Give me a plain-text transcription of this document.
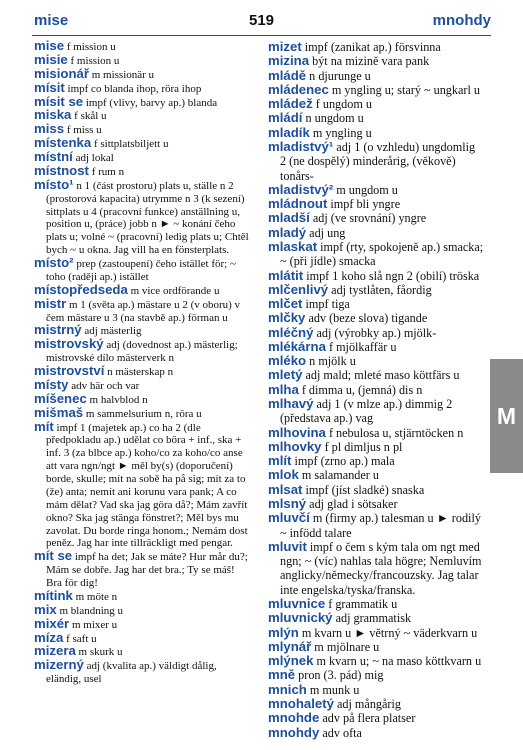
mise	519	mnohdy

mise f mission u

misie f mission u

misionář m missionär u

mísit impf co blanda ihop, röra ihop

mísit se impf (vlivy, barvy ap.) blanda

miska f skål u

miss f miss u

místenka f sittplatsbiljett u

místní adj lokal

místnost f rum n

místo¹ n 1 (část prostoru) plats u, ställe n 2 (prostorová kapacita) utrymme n 3 (k sezení) sittplats u 4 (pracovní funkce) anställning u, position u, (práce) jobb n ► ~ konání čeho plats u; volné ~ (pracovní) ledig plats u; Chtěl bych ~ u okna. Jag vill ha en fönsterplats.

místo² prep (zastoupení) čeho istället för; ~ toho (raději ap.) istället

místopředseda m vice ordförande u

mistr m 1 (světa ap.) mästare u 2 (v oboru) v čem mästare u 3 (na stavbě ap.) förman u

mistrný adj mästerlig

mistrovský adj (dovednost ap.) mästerlig; mistrovské dílo mästerverk n

mistrovství n mästerskap n

místy adv här och var

míšenec m halvblod n

mišmaš m sammelsurium n, röra u

mít impf 1 (majetek ap.) co ha 2 (dle předpokladu ap.) udělat co böra + inf., ska + inf. 3 (za blbce ap.) koho/co za koho/co anse att vara ngn/ngt ► měl by(s) (doporučení) borde, skulle; mít na sobě ha på sig; mít za to (že) anta; nemít ani korunu vara pank; A co mám dělat? Vad ska jag göra då?; Mám zavřít okno? Ska jag stänga fönstret?; Měl bys mu zavolat. Du borde ringa honom.; Nemám dost peněz. Jag har inte tillräckligt med pengar.

mít se impf ha det; Jak se máte? Hur mår du?; Mám se dobře. Jag har det bra.; Ty se máš! Bra för dig!

mítink m möte n

mix m blandning u

mixér m mixer u

míza f saft u

mizera m skurk u

mizerný adj (kvalita ap.) väldigt dålig, eländig, usel

mizet impf (zanikat ap.) försvinna

mizina být na mizině vara pank

mládě n djurunge u

mládenec m yngling u; starý ~ ungkarl u

mládež f ungdom u

mládí n ungdom u

mladík m yngling u

mladistvý¹ adj 1 (o vzhledu) ungdomlig 2 (ne dospělý) minderårig, (věkově) tonårs-

mladistvý² m ungdom u

mládnout impf bli yngre

mladší adj (ve srovnání) yngre

mladý adj ung

mlaskat impf (rty, spokojeně ap.) smacka; ~ (při jídle) smacka

mlátit impf 1 koho slå ngn 2 (obilí) tröska

mlčenlivý adj tystlåten, fåordig

mlčet impf tiga

mlčky adv (beze slova) tigande

mléčný adj (výrobky ap.) mjölk-

mlékárna f mjölkaffär u

mléko n mjölk u

mletý adj mald; mleté maso köttfärs u

mlha f dimma u, (jemná) dis n

mlhavý adj 1 (v mlze ap.) dimmig 2 (představa ap.) vag

mlhovina f nebulosa u, stjärntöcken n

mlhovky f pl dimljus n pl

mlít impf (zrno ap.) mala

mlok m salamander u

mlsat impf (jíst sladké) snaska

mlsný adj glad i sötsaker

mluvčí m (firmy ap.) talesman u ► rodilý ~ infödd talare

mluvit impf o čem s kým tala om ngt med ngn; ~ (víc) nahlas tala högre; Nemluvím anglicky/německy/francouzsky. Jag talar inte engelska/tyska/franska.

mluvnice f grammatik u

mluvnický adj grammatisk

mlýn m kvarn u ► větrný ~ väderkvarn u

mlynář m mjölnare u

mlýnek m kvarn u; ~ na maso köttkvarn u

mně pron (3. pád) mig

mnich m munk u

mnohaletý adj mångårig

mnohde adv på flera platser

mnohdy adv ofta

M
